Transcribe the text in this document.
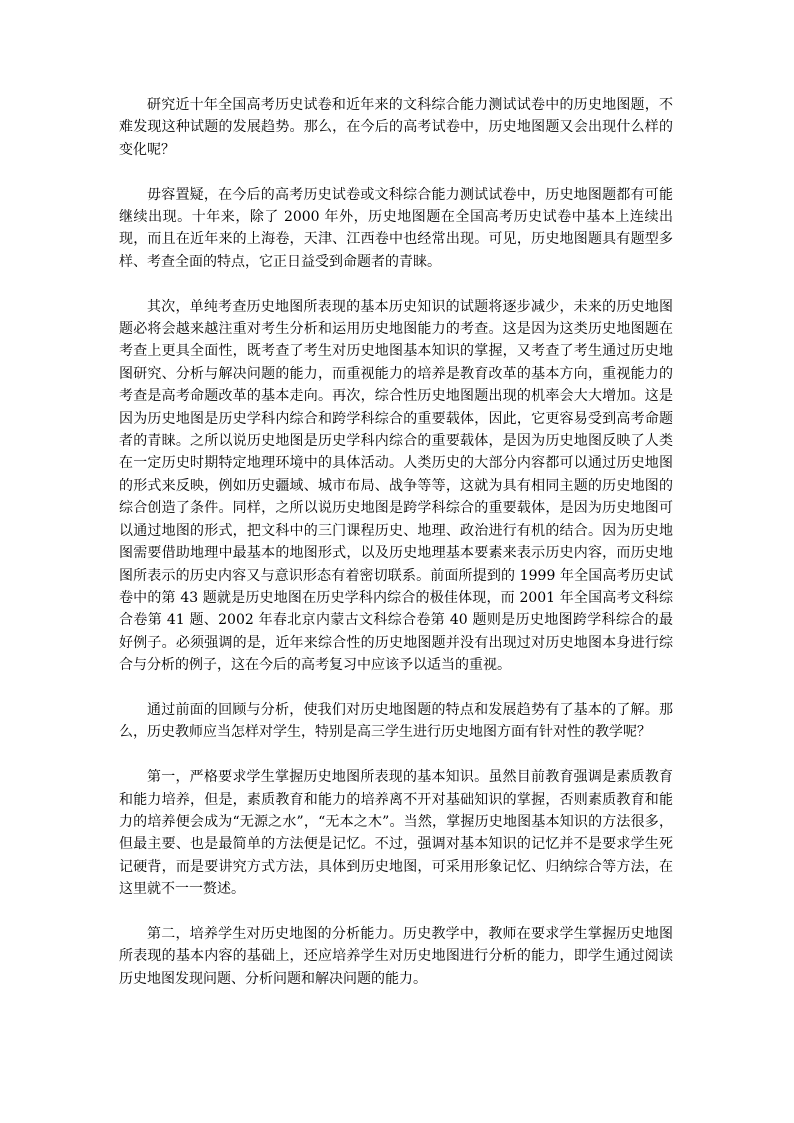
研究近十年全国高考历史试卷和近年来的文科综合能力测试试卷中的历史地图题，不难发现这种试题的发展趋势。那么，在今后的高考试卷中，历史地图题又会出现什么样的变化呢？

毋容置疑，在今后的高考历史试卷或文科综合能力测试试卷中，历史地图题都有可能继续出现。十年来，除了 2000 年外，历史地图题在全国高考历史试卷中基本上连续出现，而且在近年来的上海卷，天津、江西卷中也经常出现。可见，历史地图题具有题型多样、考查全面的特点，它正日益受到命题者的青睐。

其次，单纯考查历史地图所表现的基本历史知识的试题将逐步减少，未来的历史地图题必将会越来越注重对考生分析和运用历史地图能力的考查。这是因为这类历史地图题在考查上更具全面性，既考查了考生对历史地图基本知识的掌握，又考查了考生通过历史地图研究、分析与解决问题的能力，而重视能力的培养是教育改革的基本方向，重视能力的考查是高考命题改革的基本走向。再次，综合性历史地图题出现的机率会大大增加。这是因为历史地图是历史学科内综合和跨学科综合的重要载体，因此，它更容易受到高考命题者的青睐。之所以说历史地图是历史学科内综合的重要载体，是因为历史地图反映了人类在一定历史时期特定地理环境中的具体活动。人类历史的大部分内容都可以通过历史地图的形式来反映，例如历史疆域、城市布局、战争等等，这就为具有相同主题的历史地图的综合创造了条件。同样，之所以说历史地图是跨学科综合的重要载体，是因为历史地图可以通过地图的形式，把文科中的三门课程历史、地理、政治进行有机的结合。因为历史地图需要借助地理中最基本的地图形式，以及历史地理基本要素来表示历史内容，而历史地图所表示的历史内容又与意识形态有着密切联系。前面所提到的 1999 年全国高考历史试卷中的第 43 题就是历史地图在历史学科内综合的极佳体现，而 2001 年全国高考文科综合卷第 41 题、2002 年春北京内蒙古文科综合卷第 40 题则是历史地图跨学科综合的最好例子。必须强调的是，近年来综合性的历史地图题并没有出现过对历史地图本身进行综合与分析的例子，这在今后的高考复习中应该予以适当的重视。

通过前面的回顾与分析，使我们对历史地图题的特点和发展趋势有了基本的了解。那么，历史教师应当怎样对学生，特别是高三学生进行历史地图方面有针对性的教学呢？

第一，严格要求学生掌握历史地图所表现的基本知识。虽然目前教育强调是素质教育和能力培养，但是，素质教育和能力的培养离不开对基础知识的掌握，否则素质教育和能力的培养便会成为“无源之水”，“无本之木”。当然，掌握历史地图基本知识的方法很多，但最主要、也是最简单的方法便是记忆。不过，强调对基本知识的记忆并不是要求学生死记硬背，而是要讲究方式方法，具体到历史地图，可采用形象记忆、归纳综合等方法，在这里就不一一赘述。

第二，培养学生对历史地图的分析能力。历史教学中，教师在要求学生掌握历史地图所表现的基本内容的基础上，还应培养学生对历史地图进行分析的能力，即学生通过阅读历史地图发现问题、分析问题和解决问题的能力。
